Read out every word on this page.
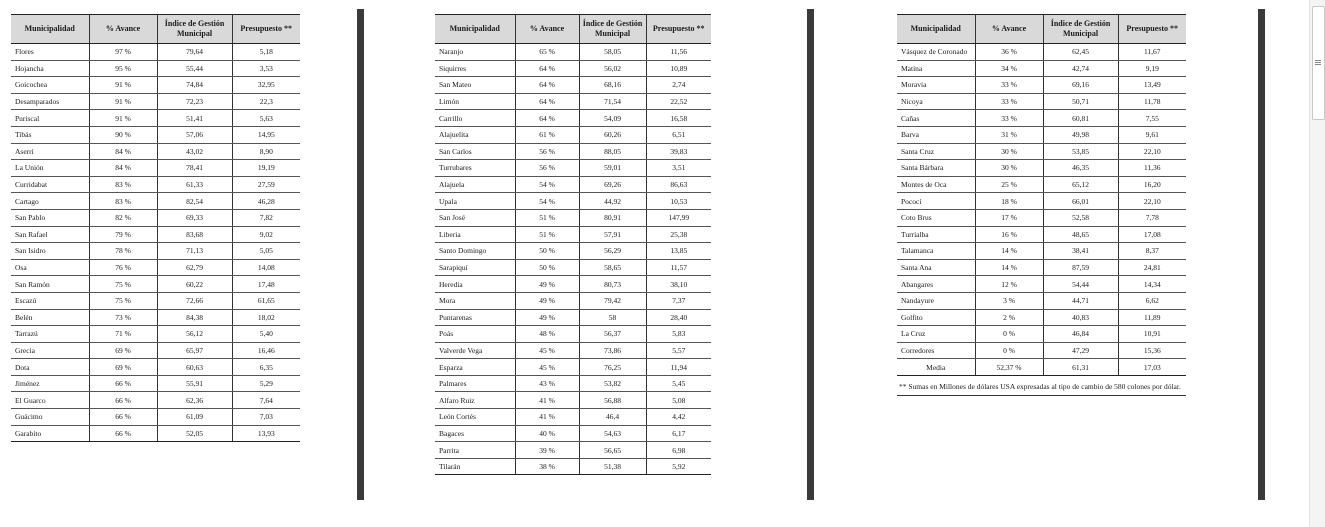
Municipalidad	% Avance	Índice de Gestión Municipal	Presupuesto **
Flores	97 %	79,64	5,18
Hojancha	95 %	55,44	3,53
Goicochea	91 %	74,84	32,95
Desamparados	91 %	72,23	22,3
Puriscal	91 %	51,41	5,63
Tibás	90 %	57,06	14,95
Aserrí	84 %	43,02	8,90
La Unión	84 %	78,41	19,19
Curridabat	83 %	61,33	27,59
Cartago	83 %	82,54	46,28
San Pablo	82 %	69,33	7,82
San Rafael	79 %	83,68	9,02
San Isidro	78 %	71,13	5,05
Osa	76 %	62,79	14,08
San Ramón	75 %	60,22	17,48
Escazú	75 %	72,66	61,65
Belén	73 %	84,38	18,02
Tarrazú	71 %	56,12	5,40
Grecia	69 %	65,97	16,46
Dota	69 %	60,63	6,35
Jiménez	66 %	55,91	5,29
El Guarco	66 %	62,36	7,64
Guácimo	66 %	61,09	7,03
Garabito	66 %	52,05	13,93
Municipalidad	% Avance	Índice de Gestión Municipal	Presupuesto **
Naranjo	65 %	58,05	11,56
Siquirres	64 %	56,02	10,89
San Mateo	64 %	68,16	2,74
Limón	64 %	71,54	22,52
Carrillo	64 %	54,09	16,58
Alajuelita	61 %	60,26	6,51
San Carlos	56 %	88,05	39,83
Turrubares	56 %	59,01	3,51
Alajuela	54 %	69,26	86,63
Upala	54 %	44,92	10,53
San José	51 %	80,91	147,99
Liberia	51 %	57,91	25,38
Santo Domingo	50 %	56,29	13,85
Sarapiquí	50 %	58,65	11,57
Heredia	49 %	80,73	38,10
Mora	49 %	79,42	7,37
Puntarenas	49 %	58	28,40
Poás	48 %	56,37	5,83
Valverde Vega	45 %	73,86	5,57
Esparza	45 %	76,25	11,94
Palmares	43 %	53,82	5,45
Alfaro Ruiz	41 %	56,88	5,08
León Cortés	41 %	46,4	4,42
Bagaces	40 %	54,63	6,17
Parrita	39 %	56,65	6,98
Tilarán	38 %	51,38	5,92
Municipalidad	% Avance	Índice de Gestión Municipal	Presupuesto **
Vásquez de Coronado	36 %	62,45	11,67
Matina	34 %	42,74	9,19
Moravia	33 %	69,16	13,49
Nicoya	33 %	50,71	11,78
Cañas	33 %	60,81	7,55
Barva	31 %	49,98	9,61
Santa Cruz	30 %	53,85	22,10
Santa Bárbara	30 %	46,35	11,36
Montes de Oca	25 %	65,12	16,20
Pococí	18 %	66,01	22,10
Coto Brus	17 %	52,58	7,78
Turrialba	16 %	48,65	17,08
Talamanca	14 %	38,41	8,37
Santa Ana	14 %	87,59	24,81
Abangares	12 %	54,44	14,34
Nandayure	3 %	44,71	6,62
Golfito	2 %	40,83	11,89
La Cruz	0 %	46,84	10,91
Corredores	0 %	47,29	15,36
Media	52,37 %	61,31	17,03
** Sumas en Millones de dólares USA expresadas al tipo de cambio de 580 colones por dólar.
